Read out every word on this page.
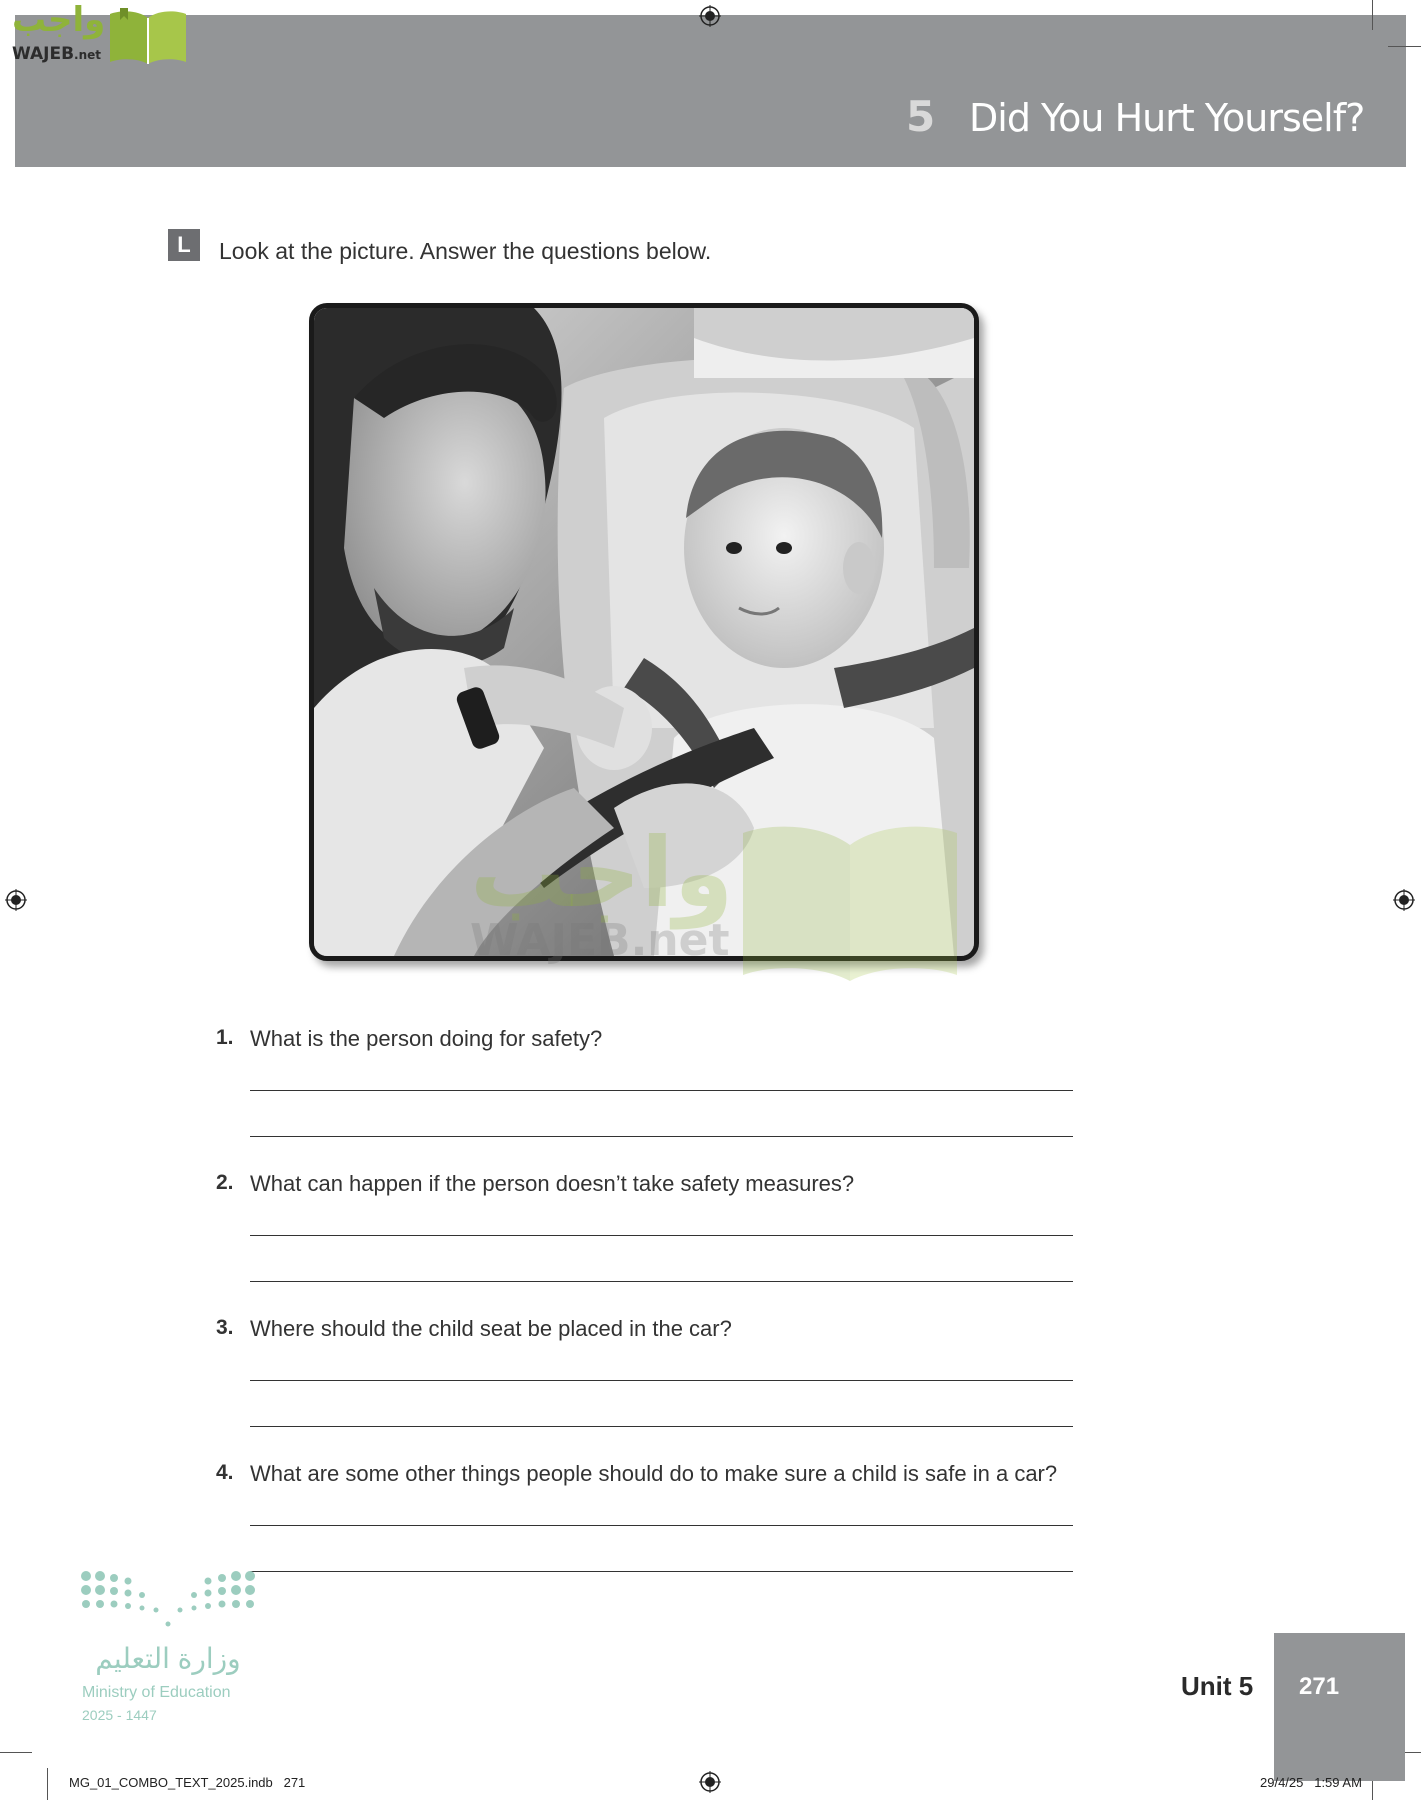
5 Did You Hurt Yourself?
واجب
WAJEB.net
L	Look at the picture. Answer the questions below.
واجب
WAJEB.net
1. What is the person doing for safety?
2. What can happen if the person doesn’t take safety measures?
3. Where should the child seat be placed in the car?
4. What are some other things people should do to make sure a child is safe in a car?
وزارة التعليم
Ministry of Education
2025 - 1447
Unit 5 271
MG_01_COMBO_TEXT_2025.indb   271	29/4/25   1:59 AM
